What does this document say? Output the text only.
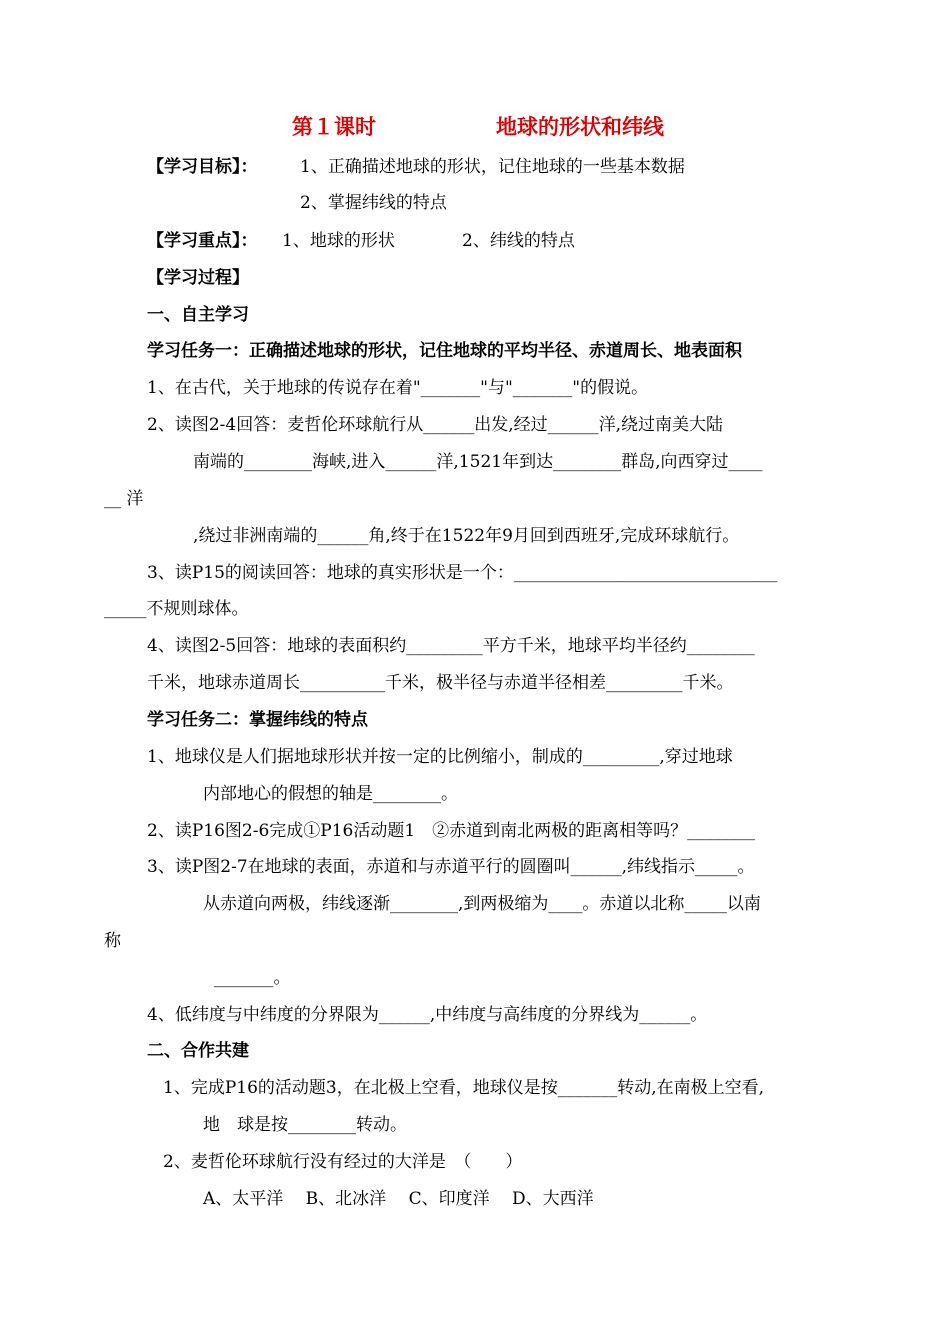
第１课时	地球的形状和纬线
【学习目标】：	1、正确描述地球的形状，记住地球的一些基本数据
2、掌握纬线的特点
【学习重点】： 1、地球的形状	2、纬线的特点
【学习过程】
一、自主学习
学习任务一：正确描述地球的形状，记住地球的平均半径、赤道周长、地表面积
1、在古代，关于地球的传说存在着"_______"与"_______"的假说。
2、读图2-4回答：麦哲伦环球航行从______出发,经过______洋,绕过南美大陆
南端的________海峡,进入______洋,1521年到达________群岛,向西穿过____
__ 洋
,绕过非洲南端的______角,终于在1522年9月回到西班牙,完成环球航行。
3、读P15的阅读回答：地球的真实形状是一个：_______________________________
_____不规则球体。
4、读图2-5回答：地球的表面积约_________平方千米，地球平均半径约________
千米，地球赤道周长__________千米，极半径与赤道半径相差_________千米。
学习任务二：掌握纬线的特点
1、地球仪是人们据地球形状并按一定的比例缩小，制成的_________,穿过地球
内部地心的假想的轴是________。
2、读P16图2-6完成①P16活动题1　②赤道到南北两极的距离相等吗？________
3、读P图2-7在地球的表面，赤道和与赤道平行的圆圈叫______,纬线指示_____。
从赤道向两极，纬线逐渐________,到两极缩为____。赤道以北称_____以南
称
_______。
4、低纬度与中纬度的分界限为______,中纬度与高纬度的分界线为______。
二、合作共建
1、完成P16的活动题3，在北极上空看，地球仪是按_______转动,在南极上空看,
地　球是按________转动。
2、麦哲伦环球航行没有经过的大洋是　（　　）
A、太平洋　 B、北冰洋　 C、印度洋　 D、大西洋
